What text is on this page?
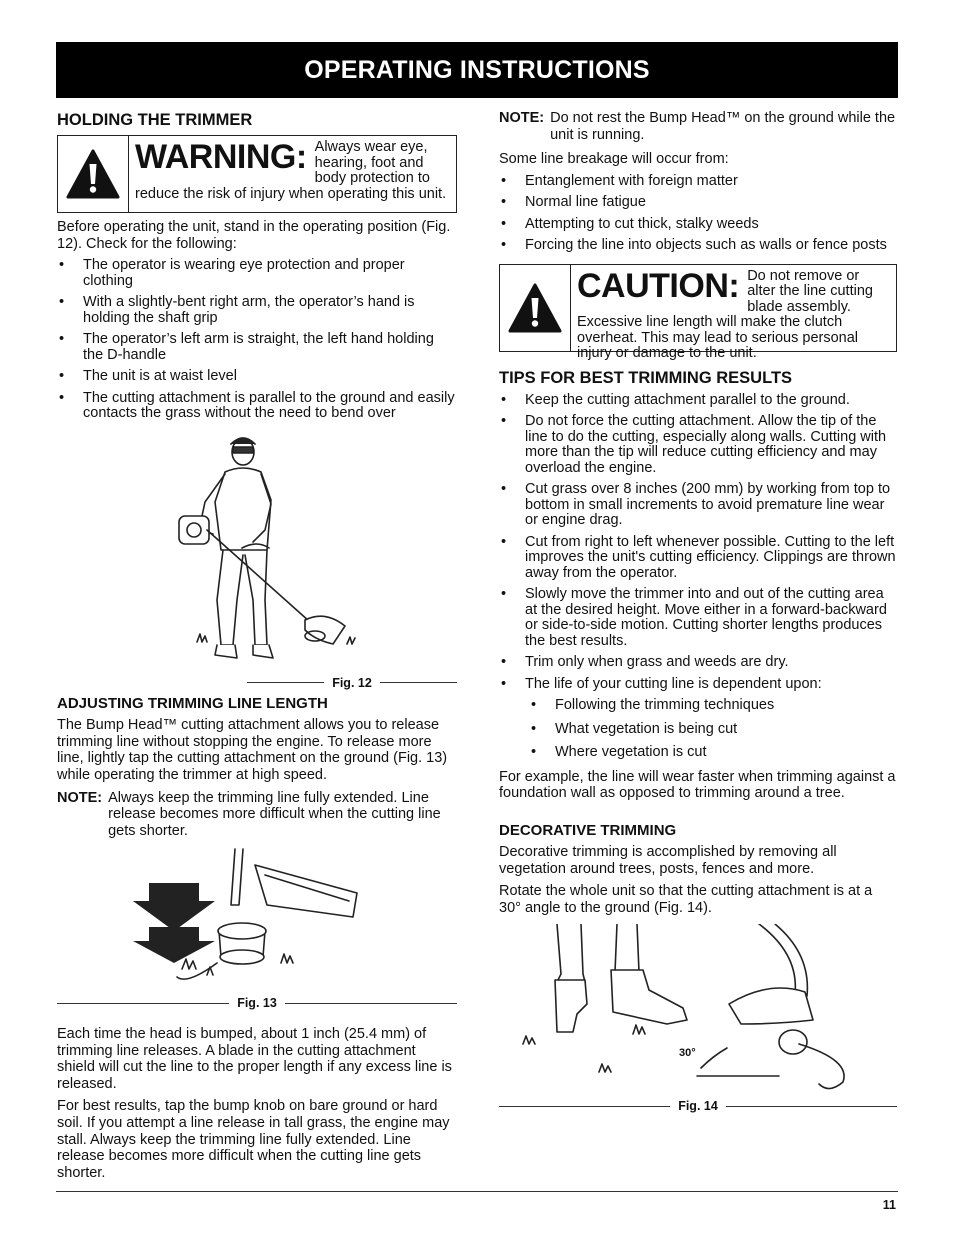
OPERATING INSTRUCTIONS
HOLDING THE TRIMMER
WARNING: Always wear eye, hearing, foot and body protection to reduce the risk of injury when operating this unit.

Before operating the unit, stand in the operating position (Fig. 12). Check for the following:

• The operator is wearing eye protection and proper clothing
• With a slightly-bent right arm, the operator’s hand is holding the shaft grip
• The operator’s left arm is straight, the left hand holding the D-handle
• The unit is at waist level
• The cutting attachment is parallel to the ground and easily contacts the grass without the need to bend over
Fig. 12
ADJUSTING TRIMMING LINE LENGTH

The Bump Head™ cutting attachment allows you to release trimming line without stopping the engine. To release more line, lightly tap the cutting attachment on the ground (Fig. 13) while operating the trimmer at high speed.

NOTE: Always keep the trimming line fully extended. Line release becomes more difficult when the cutting line gets shorter.
Fig. 13

Each time the head is bumped, about 1 inch (25.4 mm) of trimming line releases. A blade in the cutting attachment shield will cut the line to the proper length if any excess line is released.

For best results, tap the bump knob on bare ground or hard soil. If you attempt a line release in tall grass, the engine may stall. Always keep the trimming line fully extended. Line release becomes more difficult when the cutting line gets shorter.

NOTE: Do not rest the Bump Head™ on the ground while the unit is running.

Some line breakage will occur from:

• Entanglement with foreign matter
• Normal line fatigue
• Attempting to cut thick, stalky weeds
• Forcing the line into objects such as walls or fence posts
CAUTION: Do not remove or alter the line cutting blade assembly. Excessive line length will make the clutch overheat. This may lead to serious personal injury or damage to the unit.
TIPS FOR BEST TRIMMING RESULTS
• Keep the cutting attachment parallel to the ground.
• Do not force the cutting attachment. Allow the tip of the line to do the cutting, especially along walls. Cutting with more than the tip will reduce cutting efficiency and may overload the engine.
• Cut grass over 8 inches (200 mm) by working from top to bottom in small increments to avoid premature line wear or engine drag.
• Cut from right to left whenever possible. Cutting to the left improves the unit's cutting efficiency. Clippings are thrown away from the operator.
• Slowly move the trimmer into and out of the cutting area at the desired height. Move either in a forward-backward or side-to-side motion. Cutting shorter lengths produces the best results.
• Trim only when grass and weeds are dry.
• The life of your cutting line is dependent upon:
• Following the trimming techniques
• What vegetation is being cut
• Where vegetation is cut

For example, the line will wear faster when trimming against a foundation wall as opposed to trimming around a tree.

DECORATIVE TRIMMING

Decorative trimming is accomplished by removing all vegetation around trees, posts, fences and more.

Rotate the whole unit so that the cutting attachment is at a 30° angle to the ground (Fig. 14).

30°
Fig. 14
11
